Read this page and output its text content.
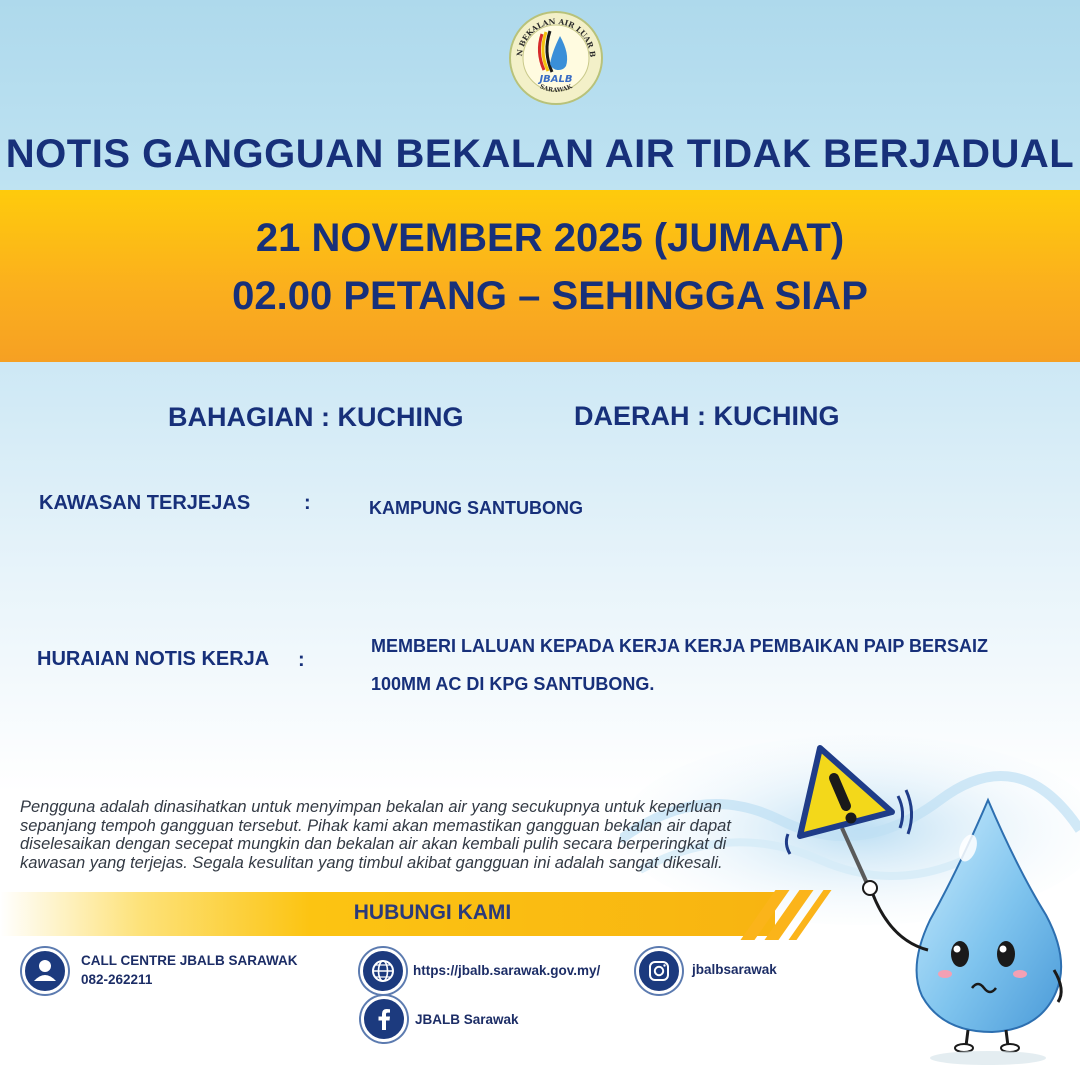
N BEKALAN AIR LUAR B
SARAWAK
JBALB
NOTIS GANGGUAN BEKALAN AIR TIDAK BERJADUAL
21 NOVEMBER 2025 (JUMAAT)
02.00 PETANG – SEHINGGA SIAP
BAHAGIAN : KUCHING	DAERAH : KUCHING
KAWASAN TERJEJAS	:	KAMPUNG SANTUBONG
HURAIAN NOTIS KERJA :
MEMBERI LALUAN KEPADA KERJA KERJA PEMBAIKAN PAIP BERSAIZ
100MM AC DI KPG SANTUBONG.
Pengguna adalah dinasihatkan untuk menyimpan bekalan air yang secukupnya untuk keperluan
sepanjang tempoh gangguan tersebut. Pihak kami akan memastikan gangguan bekalan air dapat
diselesaikan dengan secepat mungkin dan bekalan air akan kembali pulih secara berperingkat di
kawasan yang terjejas. Segala kesulitan yang timbul akibat gangguan ini adalah sangat dikesali.
HUBUNGI KAMI
CALL CENTRE JBALB SARAWAK
082-262211
https://jbalb.sarawak.gov.my/	jbalbsarawak
JBALB Sarawak
